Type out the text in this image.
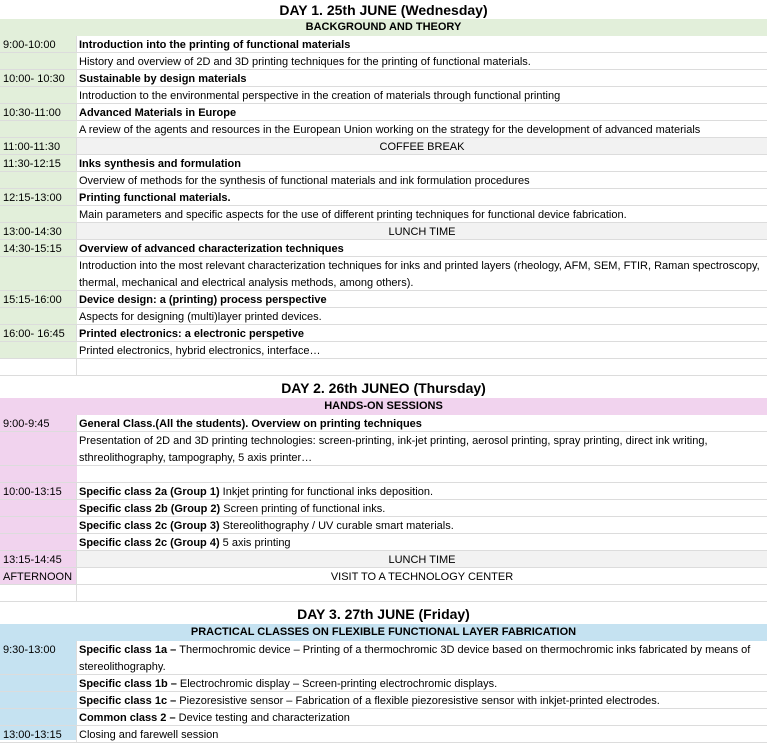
DAY 1. 25th JUNE (Wednesday)
BACKGROUND AND THEORY
9:00-10:00	Introduction into the printing of functional materials
History and overview of 2D and 3D printing techniques for the printing of functional materials.
10:00- 10:30	Sustainable by design materials
Introduction to the environmental perspective in the creation of materials through functional printing
10:30-11:00	Advanced Materials in Europe
A review of the agents and resources in the European Union working on the strategy for the development of advanced materials
11:00-11:30	COFFEE BREAK
11:30-12:15	Inks synthesis and formulation
Overview of methods for the synthesis of functional materials and ink formulation procedures
12:15-13:00	Printing functional materials.
Main parameters and specific aspects for the use of different printing techniques for functional device fabrication.
13:00-14:30	LUNCH TIME
14:30-15:15	Overview of advanced characterization techniques
Introduction into the most relevant characterization techniques for inks and printed layers (rheology, AFM, SEM, FTIR, Raman spectroscopy, thermal, mechanical and electrical analysis methods, among others).
15:15-16:00	Device design: a (printing) process perspective
Aspects for designing (multi)layer printed devices.
16:00- 16:45	Printed electronics: a electronic perspetive
Printed electronics, hybrid electronics, interface…
DAY 2. 26th JUNEO (Thursday)
HANDS-ON SESSIONS
9:00-9:45	General Class.(All the students). Overview on printing techniques
Presentation of 2D and 3D printing technologies: screen-printing, ink-jet printing, aerosol printing, spray printing, direct ink writing, sthreolithography, tampography, 5 axis printer…
10:00-13:15	Specific class 2a (Group 1) Inkjet printing for functional inks deposition.
Specific class 2b (Group 2) Screen printing of functional inks.
Specific class 2c (Group 3) Stereolithography / UV curable smart materials.
Specific class 2c (Group 4) 5 axis printing
13:15-14:45	LUNCH TIME
AFTERNOON	VISIT TO A TECHNOLOGY CENTER
DAY 3. 27th JUNE (Friday)
PRACTICAL CLASSES ON FLEXIBLE FUNCTIONAL LAYER FABRICATION
9:30-13:00	Specific class 1a – Thermochromic device – Printing of a thermochromic 3D device based on thermochromic inks fabricated by means of stereolithography.
Specific class 1b – Electrochromic display – Screen-printing electrochromic displays.
Specific class 1c – Piezoresistive sensor – Fabrication of a flexible piezoresistive sensor with inkjet-printed electrodes.
Common class 2 – Device testing and characterization
13:00-13:15	Closing and farewell session
